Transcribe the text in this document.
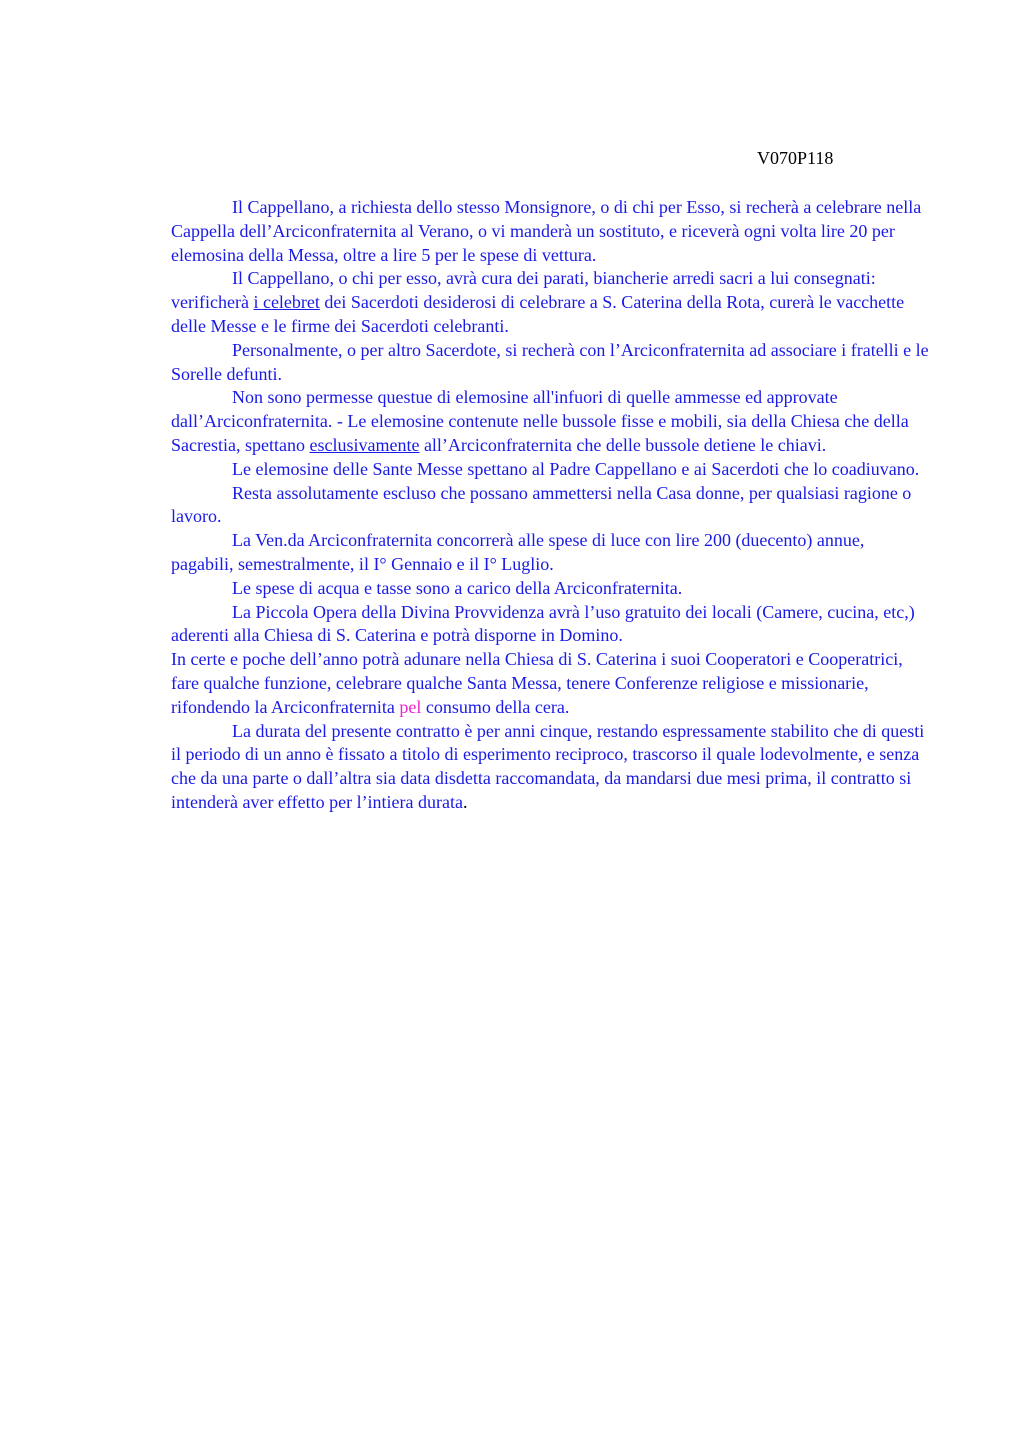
V070P118

Il Cappellano, a richiesta dello stesso Monsignore, o di chi per Esso, si recherà a celebrare nella Cappella dell’Arciconfraternita al Verano, o vi manderà un sostituto, e riceverà ogni volta lire 20 per elemosina della Messa, oltre a lire 5 per le spese di vettura.

Il Cappellano, o chi per esso, avrà cura dei parati, biancherie arredi sacri a lui consegnati: verificherà i celebret dei Sacerdoti desiderosi di celebrare a S. Caterina della Rota, curerà le vacchette delle Messe e le firme dei Sacerdoti celebranti.

Personalmente, o per altro Sacerdote, si recherà con l’Arciconfraternita ad associare i fratelli e le Sorelle defunti.

Non sono permesse questue di elemosine all'infuori di quelle ammesse ed approvate dall’Arciconfraternita. - Le elemosine contenute nelle bussole fisse e mobili, sia della Chiesa che della Sacrestia, spettano esclusivamente all’Arciconfraternita che delle bussole detiene le chiavi.

Le elemosine delle Sante Messe spettano al Padre Cappellano e ai Sacerdoti che lo coadiuvano.

Resta assolutamente escluso che possano ammettersi nella Casa donne, per qualsiasi ragione o lavoro.

La Ven.da Arciconfraternita concorrerà alle spese di luce con lire 200 (duecento) annue, pagabili, semestralmente, il I° Gennaio e il I° Luglio.

Le spese di acqua e tasse sono a carico della Arciconfraternita.

La Piccola Opera della Divina Provvidenza avrà l’uso gratuito dei locali (Camere, cucina, etc,) aderenti alla Chiesa di S. Caterina e potrà disporne in Domino.

In certe e poche dell’anno potrà adunare nella Chiesa di S. Caterina i suoi Cooperatori e Cooperatrici, fare qualche funzione, celebrare qualche Santa Messa, tenere Conferenze religiose e missionarie, rifondendo la Arciconfraternita pel consumo della cera.

La durata del presente contratto è per anni cinque, restando espressamente stabilito che di questi il periodo di un anno è fissato a titolo di esperimento reciproco, trascorso il quale lodevolmente, e senza che da una parte o dall’altra sia data disdetta raccomandata, da mandarsi due mesi prima, il contratto si intenderà aver effetto per l’intiera durata.
